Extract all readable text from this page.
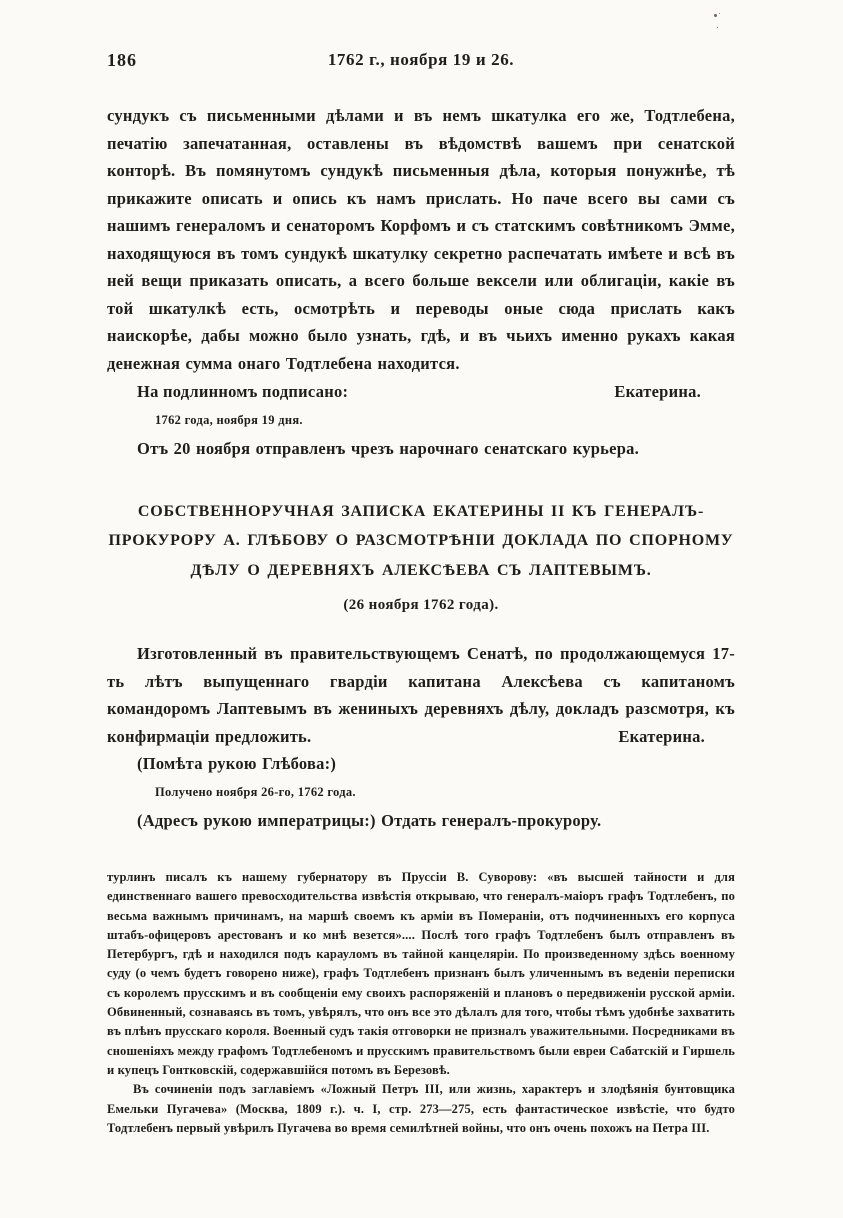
186	1762 г., ноября 19 и 26.

сундукъ съ письменными дѣлами и въ немъ шкатулка его же, Тодтлебена, печатію запечатанная, оставлены въ вѣдомствѣ вашемъ при сенатской конторѣ. Въ помянутомъ сундукѣ письменныя дѣла, которыя понужнѣе, тѣ прикажите описать и опись къ намъ прислать. Но паче всего вы сами съ нашимъ генераломъ и сенаторомъ Корфомъ и съ статскимъ совѣтникомъ Эмме, находящуюся въ томъ сундукѣ шкатулку секретно распечатать имѣете и всѣ въ ней вещи приказать описать, а всего больше вексели или облигаціи, какіе въ той шкатулкѣ есть, осмотрѣть и переводы оные сюда прислать какъ наискорѣе, дабы можно было узнать, гдѣ, и въ чьихъ именно рукахъ какая денежная сумма онаго Тодтлебена находится.

На подлинномъ подписано:	Екатерина.

1762 года, ноября 19 дня.

Отъ 20 ноября отправленъ чрезъ нарочнаго сенатскаго курьера.

СОБСТВЕННОРУЧНАЯ ЗАПИСКА ЕКАТЕРИНЫ II КЪ ГЕНЕРАЛЪ-ПРОКУРОРУ А. ГЛѢБОВУ О РАЗСМОТРѢНІИ ДОКЛАДА ПО СПОРНОМУ ДѢЛУ О ДЕРЕВНЯХЪ АЛЕКСѢЕВА СЪ ЛАПТЕВЫМЪ.

(26 ноября 1762 года).

Изготовленный въ правительствующемъ Сенатѣ, по продолжающемуся 17-ть лѣтъ выпущеннаго гвардіи капитана Алексѣева съ капитаномъ командоромъ Лаптевымъ въ жениныхъ деревняхъ дѣлу, докладъ разсмотря, къ конфирмаціи предложить.	Екатерина.

(Помѣта рукою Глѣбова:)

Получено ноября 26-го, 1762 года.

(Адресъ рукою императрицы:) Отдать генералъ-прокурору.

турлинъ писалъ къ нашему губернатору въ Пруссіи В. Суворову: «въ высшей тайности и для единственнаго вашего превосходительства извѣстія открываю, что генералъ-маіоръ графъ Тодтлебенъ, по весьма важнымъ причинамъ, на маршѣ своемъ къ арміи въ Помераніи, отъ подчиненныхъ его корпуса штабъ-офицеровъ арестованъ и ко мнѣ везется».... Послѣ того графъ Тодтлебенъ былъ отправленъ въ Петербургъ, гдѣ и находился подъ карауломъ въ тайной канцеляріи. По произведенному здѣсь военному суду (о чемъ будетъ говорено ниже), графъ Тодтлебенъ признанъ былъ уличеннымъ въ веденіи переписки съ королемъ прусскимъ и въ сообщеніи ему своихъ распоряженій и плановъ о передвиженіи русской арміи. Обвиненный, сознаваясь въ томъ, увѣрялъ, что онъ все это дѣлалъ для того, чтобы тѣмъ удобнѣе захватить въ плѣнъ прусскаго короля. Военный судъ такія отговорки не призналъ уважительными. Посредниками въ сношеніяхъ между графомъ Тодтлебеномъ и прусскимъ правительствомъ были евреи Сабатскій и Гиршель и купецъ Гонтковскій, содержавшійся потомъ въ Березовѣ.

Въ сочиненіи подъ заглавіемъ «Ложный Петръ III, или жизнь, характеръ и злодѣянія бунтовщика Емельки Пугачева» (Москва, 1809 г.). ч. I, стр. 273—275, есть фантастическое извѣстіе, что будто Тодтлебенъ первый увѣрилъ Пугачева во время семилѣтней войны, что онъ очень похожъ на Петра III.
